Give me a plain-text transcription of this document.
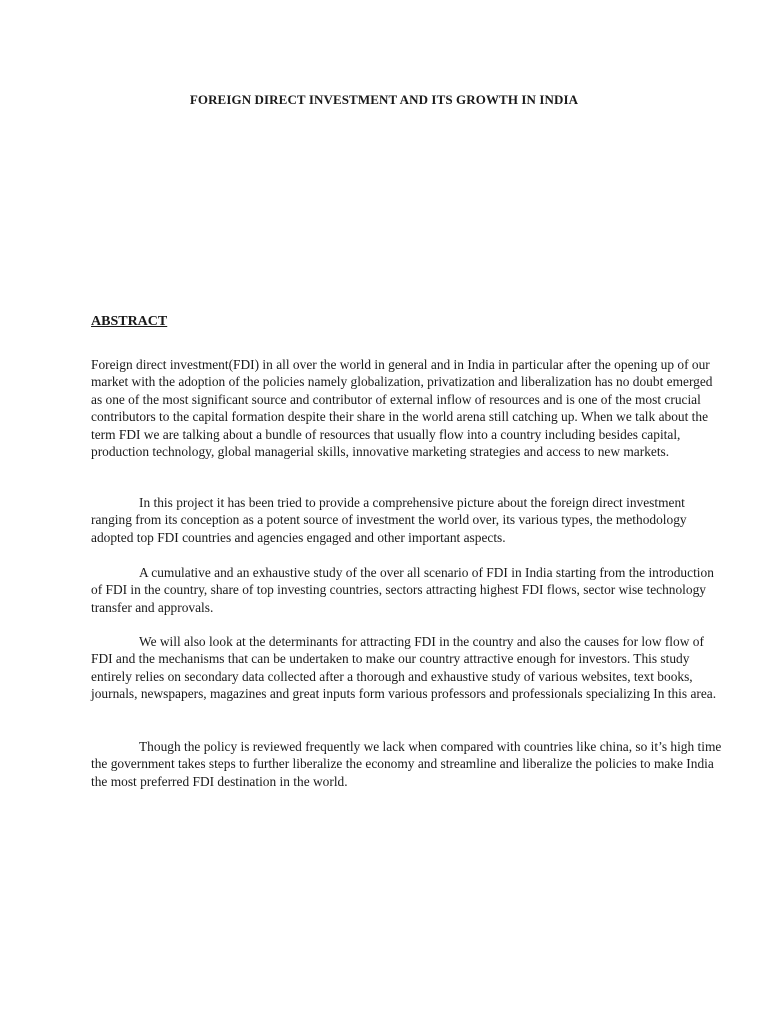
FOREIGN DIRECT INVESTMENT AND ITS GROWTH IN INDIA
ABSTRACT

Foreign direct investment(FDI) in all over the world in general and in India in particular after the opening up of our market with the adoption of the policies namely globalization, privatization and liberalization has no doubt emerged as one of the most significant source and contributor of external inflow of resources and is one of the most crucial contributors to the capital formation despite their share in the world arena still catching up. When we talk about the term FDI we are talking about a bundle of resources that usually flow into a country including besides capital, production technology, global managerial skills, innovative marketing strategies and access to new markets.

In this project it has been tried to provide a comprehensive picture about the foreign direct investment ranging from its conception as a potent source of investment the world over, its various types, the methodology adopted top FDI countries and agencies engaged and other important aspects.

A cumulative and an exhaustive study of the over all scenario of FDI in India starting from the introduction of FDI in the country, share of top investing countries, sectors attracting highest FDI flows, sector wise technology transfer and approvals.

We will also look at the determinants for attracting FDI in the country and also the causes for low flow of FDI and the mechanisms that can be undertaken to make our country attractive enough for investors. This study entirely relies on secondary data collected after a thorough and exhaustive study of various websites, text books, journals, newspapers, magazines and great inputs form various professors and professionals specializing In this area.

Though the policy is reviewed frequently we lack when compared with countries like china, so it’s high time the government takes steps to further liberalize the economy and streamline and liberalize the policies to make India the most preferred FDI destination in the world.
